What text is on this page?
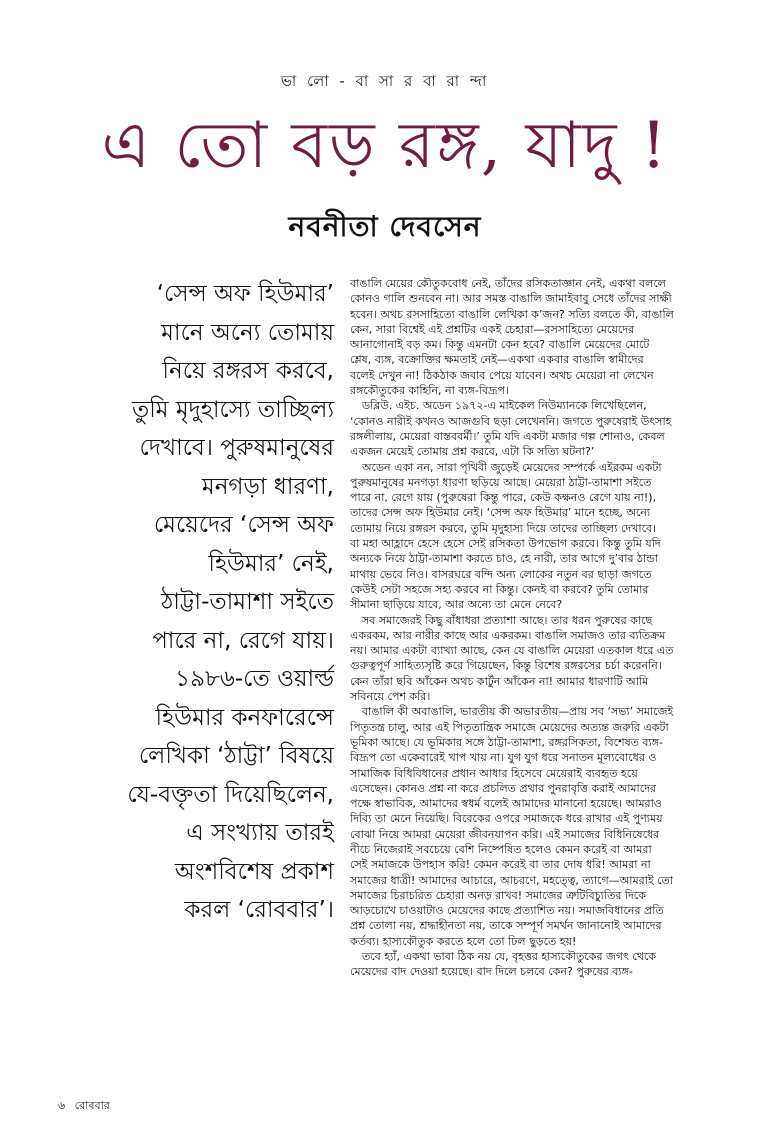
ভা লো - বা সা র বা রা ন্দা
এ তো বড় রঙ্গ, যাদু !
নবনীতা দেবসেন
‘সেন্স অফ হিউমার’
মানে অন্যে তোমায়
নিয়ে রঙ্গরস করবে,
তুমি মৃদুহাস্যে তাচ্ছিল্য
দেখাবে। পুরুষমানুষের
মনগড়া ধারণা,
মেয়েদের ‘সেন্স অফ
হিউমার’ নেই,
ঠাট্টা-তামাশা সইতে
পারে না, রেগে যায়।
১৯৮৬-তে ওয়ার্ল্ড
হিউমার কনফারেন্সে
লেখিকা ‘ঠাট্টা’ বিষয়ে
যে-বক্তৃতা দিয়েছিলেন,
এ সংখ্যায় তারই
অংশবিশেষ প্রকাশ
করল ‘রোববার’।
বাঙালি মেয়ের কৌতুকবোধ নেই, তাঁদের রসিকতাজ্ঞান নেই, একথা বললে
কোনও গালি শুনবেন না। আর সমস্ত বাঙালি জামাইবাবু সেধে তাঁদের সাক্ষী
হবেন। অথচ রসসাহিত্যে বাঙালি লেখিকা ক’জন? সত্যি বলতে কী, বাঙালি
কেন, সারা বিশ্বেই এই প্রশ্নটির একই চেহারা—রসসাহিত্যে মেয়েদের
আনাগোনাই বড় কম। কিন্তু এমনটা কেন হবে? বাঙালি মেয়েদের মোটে
শ্লেষ, ব্যঙ্গ, বক্রোক্তির ক্ষমতাই নেই—একথা একবার বাঙালি স্বামীদের
বলেই দেখুন না! ঠিকঠাক জবাব পেয়ে যাবেন। অথচ মেয়েরা না লেখেন
রঙ্গকৌতুকের কাহিনি, না ব্যঙ্গ-বিদ্রূপ।
ডব্লিউ. এইচ. অডেন ১৯৭২-এ মাইকেল নিউম্যানকে লিখেছিলেন,
‘কোনও নারীই কখনও আজগুবি ছড়া লেখেননি। জগতে পুরুষেরাই উৎসাহ
রঙ্গলীলায়, মেয়েরা বাস্তববর্মী।’ তুমি যদি একটা মজার গল্প শোনাও, কেবল
একজন মেয়েই তোমায় প্রশ্ন করবে, এটা কি সত্যি ঘটনা?’
অডেন একা নন, সারা পৃথিবী জুড়েই মেয়েদের সম্পর্কে এইরকম একটা
পুরুষমানুষের মনগড়া ধারণা ছড়িয়ে আছে। মেয়েরা ঠাট্টা-তামাশা সইতে
পারে না, রেগে যায় (পুরুষেরা কিন্তু পারে, কেউ কক্ষনও রেগে যায় না!),
তাদের সেন্স অফ হিউমার নেই। ‘সেন্স অফ হিউমার’ মানে হচ্ছে, অন্যে
তোমায় নিয়ে রঙ্গরস করবে, তুমি মৃদুহাস্য দিয়ে তাদের তাচ্ছিল্য দেখাবে।
বা মহা আহ্লাদে হেসে হেসে সেই রসিকতা উপভোগ করবে। কিন্তু তুমি যদি
অন্যকে নিয়ে ঠাট্টা-তামাশা করতে চাও, হে নারী, তার আগে দু’বার ঠান্ডা
মাথায় ভেবে নিও। বাসরঘরে বন্দি অন্য লোকের নতুন বর ছাড়া জগতে
কেউই সেটা সহজে সহ্য করবে না কিন্তু। কেনই বা করবে? তুমি তোমার
সীমানা ছাড়িয়ে যাবে, আর অন্যে তা মেনে নেবে?
সব সমাজেরই কিছু বাঁধাধরা প্রত্যাশা আছে। তার ধরন পুরুষের কাছে
একরকম, আর নারীর কাছে আর একরকম। বাঙালি সমাজও তার ব্যতিক্রম
নয়। আমার একটা ব্যাখ্যা আছে, কেন যে বাঙালি মেয়েরা এতকাল ধরে এত
গুরুত্বপূর্ণ সাহিত্যসৃষ্টি করে গিয়েছেন, কিন্তু বিশেষ রঙ্গরসের চর্চা করেননি।
কেন তাঁরা ছবি আঁকেন অথচ কার্টুন আঁকেন না! আমার ধারণাটি আমি
সবিনয়ে পেশ করি।
বাঙালি কী অবাঙালি, ভারতীয় কী অভারতীয়—প্রায় সব ‘সভ্য’ সমাজেই
পিতৃতন্ত্র চালু, আর এই পিতৃতান্ত্রিক সমাজে মেয়েদের অত্যন্ত জরুরি একটা
ভূমিকা আছে। যে ভূমিকার সঙ্গে ঠাট্টা-তামাশা, রঙ্গরসিকতা, বিশেষত ব্যঙ্গ-
বিদ্রূপ তো একেবারেই খাপ খায় না। যুগ যুগ ধরে সনাতন মূল্যবোধের ও
সামাজিক বিধিবিধানের প্রধান আধার হিসেবে মেয়েরাই ব্যবহৃত হয়ে
এসেছেন। কোনও প্রশ্ন না করে প্রচলিত প্রথার পুনরাবৃত্তি করাই আমাদের
পক্ষে স্বাভাবিক, আমাদের স্বধর্ম বলেই আমাদের মানানো হয়েছে। আমরাও
দিব্যি তা মেনে নিয়েছি। বিবেকের ওপরে সমাজকে ধরে রাখার এই পুণ্যময়
বোঝা নিয়ে আমরা মেয়েরা জীবনযাপন করি। এই সমাজের বিধিনিষেধের
নীচে নিজেরাই সবচেয়ে বেশি নিষ্পেষিত হলেও কেমন করেই বা আমরা
সেই সমাজকে উপহাস করি! কেমন করেই বা তার দোষ ধরি! আমরা না
সমাজের ধাত্রী! আমাদের আচারে, আচরণে, মহত্ত্বে, ত্যাগে—আমরাই তো
সমাজের চিরাচরিত চেহারা অনড় রাখব! সমাজের ত্রুটিবিচ্যুতির দিকে
আড়চোখে চাওয়াটাও মেয়েদের কাছে প্রত্যাশিত নয়। সমাজবিধানের প্রতি
প্রশ্ন তোলা নয়, শ্রদ্ধাহীনতা নয়, তাকে সম্পূর্ণ সমর্থন জানানোই আমাদের
কর্তব্য। হাস্যকৌতুক করতে হলে তো ঢিল ছুড়তে হয়!
তবে হ্যাঁ, একথা ভাবা ঠিক নয় যে, বৃহত্তর হাস্যকৌতুকের জগৎ থেকে
মেয়েদের বাদ দেওয়া হয়েছে। বাদ দিলে চলবে কেন? পুরুষের ব্যঙ্গ-
৬ রোববার
